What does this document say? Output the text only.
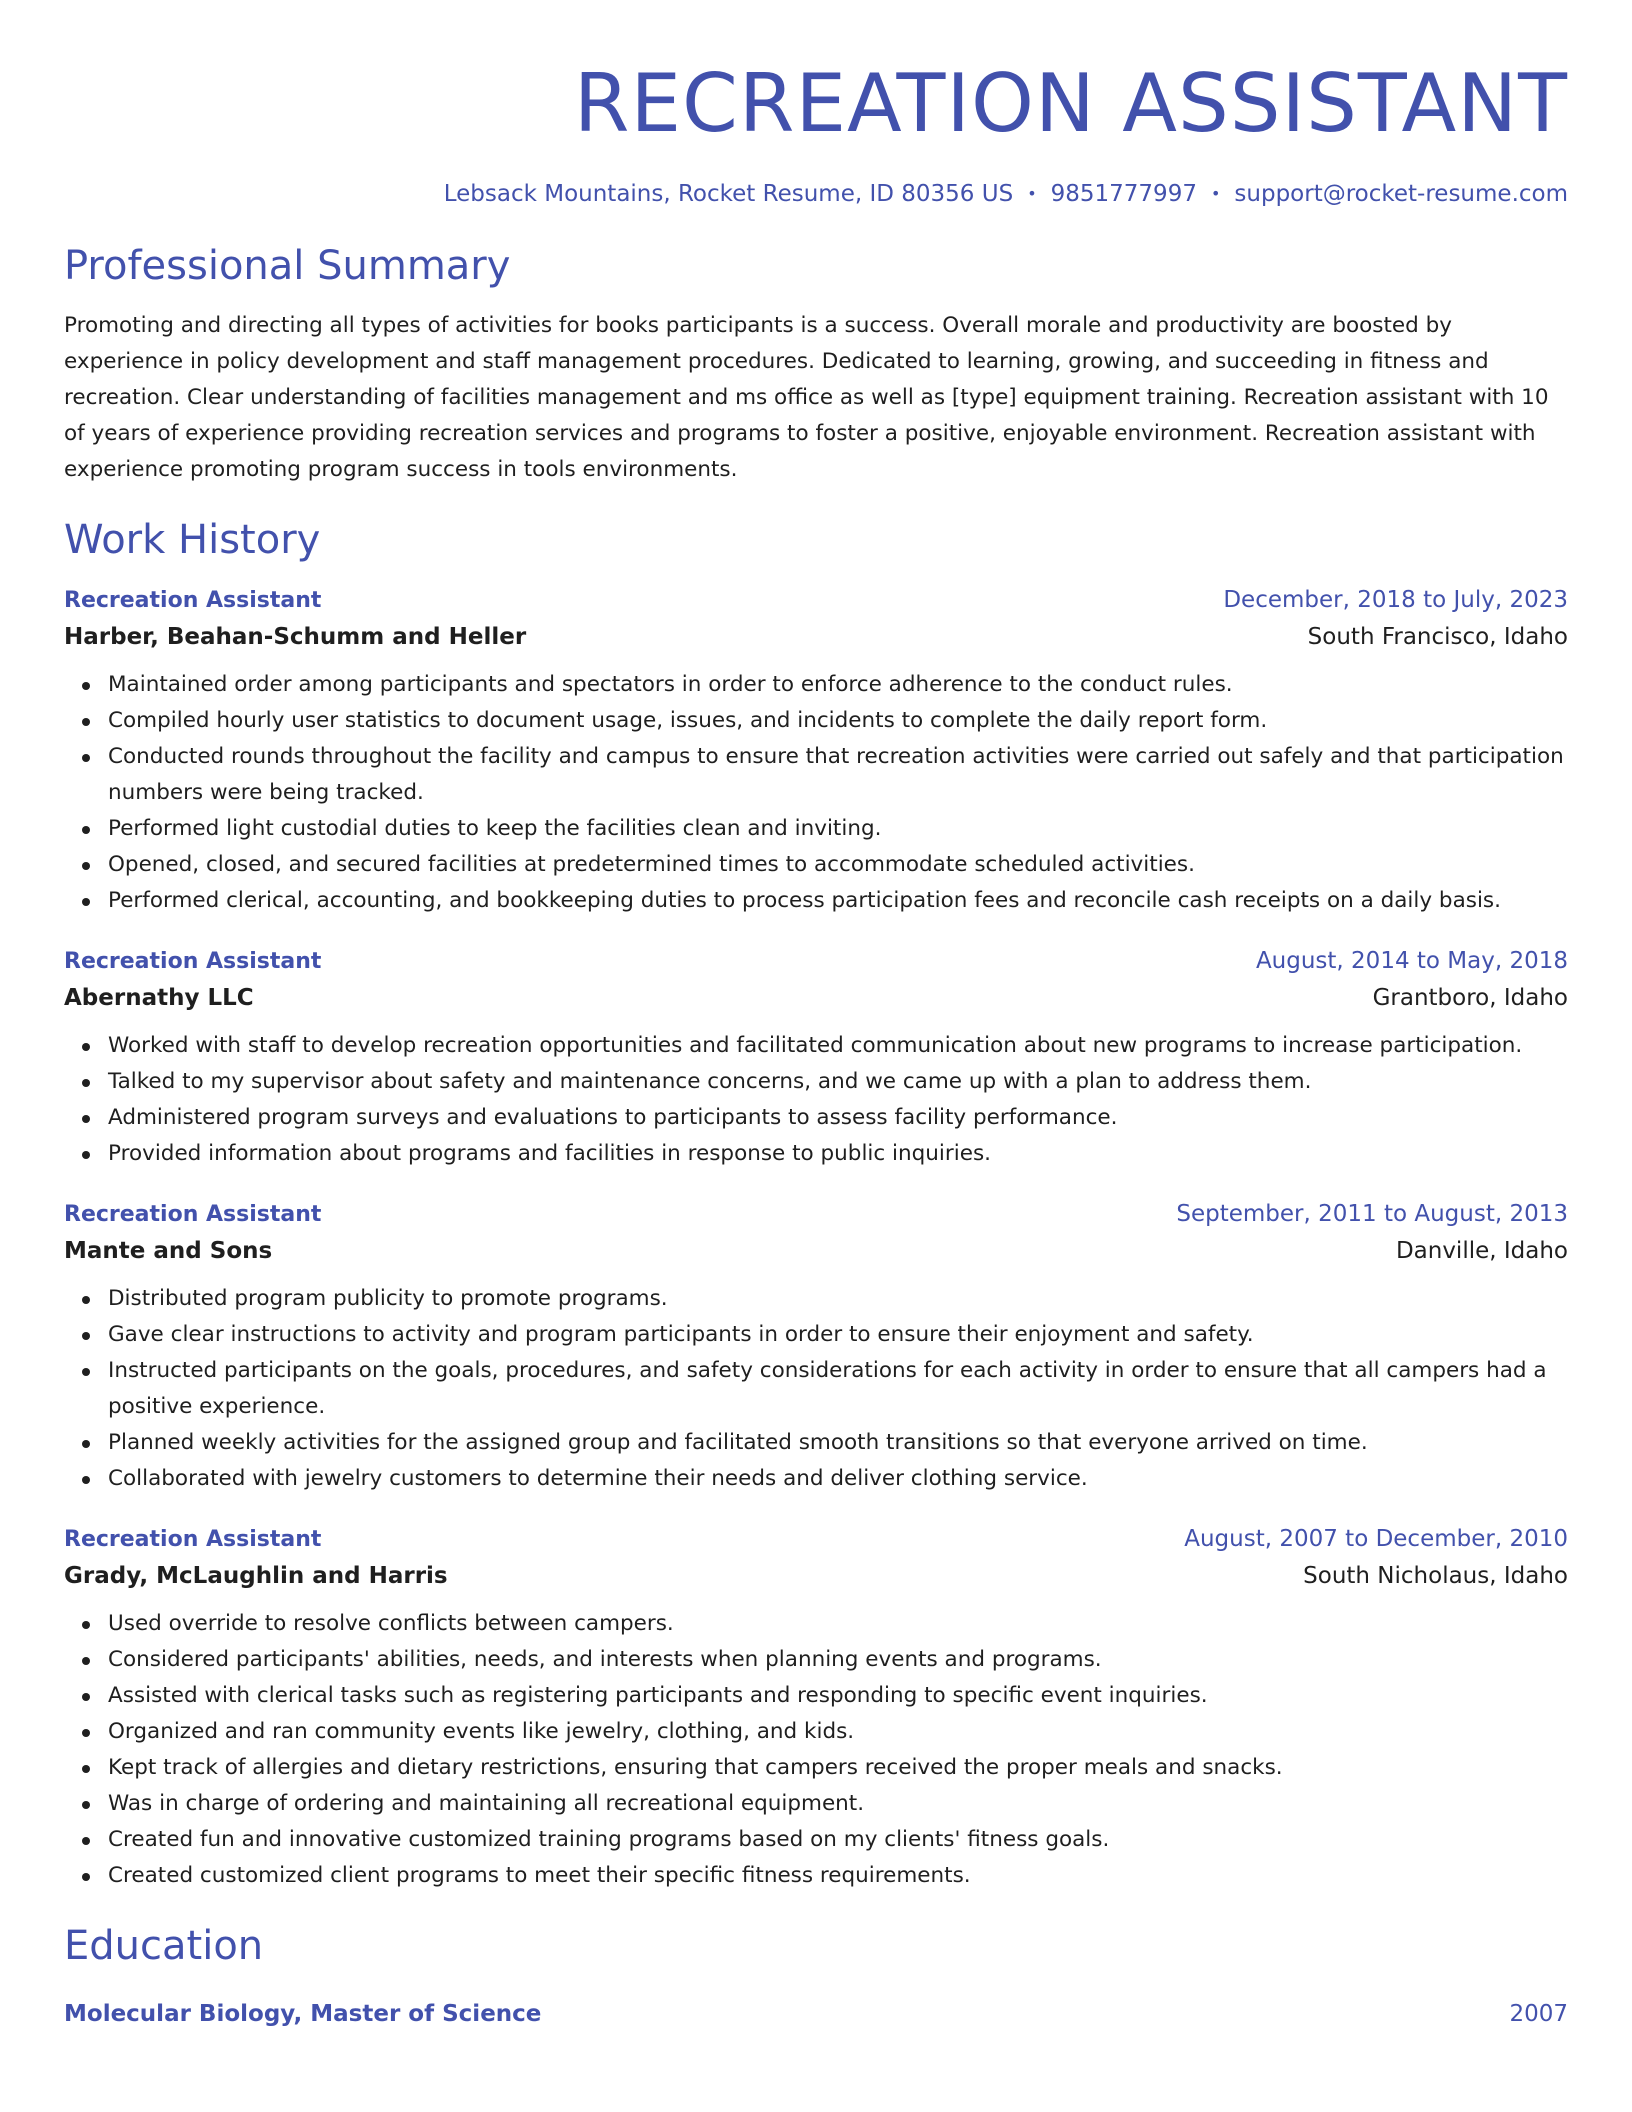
RECREATION ASSISTANT
Lebsack Mountains, Rocket Resume, ID 80356 US • 9851777997 • support@rocket-resume.com
Professional Summary

Promoting and directing all types of activities for books participants is a success. Overall morale and productivity are boosted by experience in policy development and staff management procedures. Dedicated to learning, growing, and succeeding in fitness and recreation. Clear understanding of facilities management and ms office as well as [type] equipment training. Recreation assistant with 10 of years of experience providing recreation services and programs to foster a positive, enjoyable environment. Recreation assistant with experience promoting program success in tools environments.

Work History
Recreation Assistant	December, 2018 to July, 2023
Harber, Beahan-Schumm and Heller	South Francisco, Idaho
Maintained order among participants and spectators in order to enforce adherence to the conduct rules.
Compiled hourly user statistics to document usage, issues, and incidents to complete the daily report form.
Conducted rounds throughout the facility and campus to ensure that recreation activities were carried out safely and that participation numbers were being tracked.
Performed light custodial duties to keep the facilities clean and inviting.
Opened, closed, and secured facilities at predetermined times to accommodate scheduled activities.
Performed clerical, accounting, and bookkeeping duties to process participation fees and reconcile cash receipts on a daily basis.
Recreation Assistant	August, 2014 to May, 2018
Abernathy LLC	Grantboro, Idaho
Worked with staff to develop recreation opportunities and facilitated communication about new programs to increase participation.
Talked to my supervisor about safety and maintenance concerns, and we came up with a plan to address them.
Administered program surveys and evaluations to participants to assess facility performance.
Provided information about programs and facilities in response to public inquiries.
Recreation Assistant	September, 2011 to August, 2013
Mante and Sons	Danville, Idaho
Distributed program publicity to promote programs.
Gave clear instructions to activity and program participants in order to ensure their enjoyment and safety.
Instructed participants on the goals, procedures, and safety considerations for each activity in order to ensure that all campers had a positive experience.
Planned weekly activities for the assigned group and facilitated smooth transitions so that everyone arrived on time.
Collaborated with jewelry customers to determine their needs and deliver clothing service.
Recreation Assistant	August, 2007 to December, 2010
Grady, McLaughlin and Harris	South Nicholaus, Idaho
Used override to resolve conflicts between campers.
Considered participants' abilities, needs, and interests when planning events and programs.
Assisted with clerical tasks such as registering participants and responding to specific event inquiries.
Organized and ran community events like jewelry, clothing, and kids.
Kept track of allergies and dietary restrictions, ensuring that campers received the proper meals and snacks.
Was in charge of ordering and maintaining all recreational equipment.
Created fun and innovative customized training programs based on my clients' fitness goals.
Created customized client programs to meet their specific fitness requirements.
Education
Molecular Biology, Master of Science	2007
